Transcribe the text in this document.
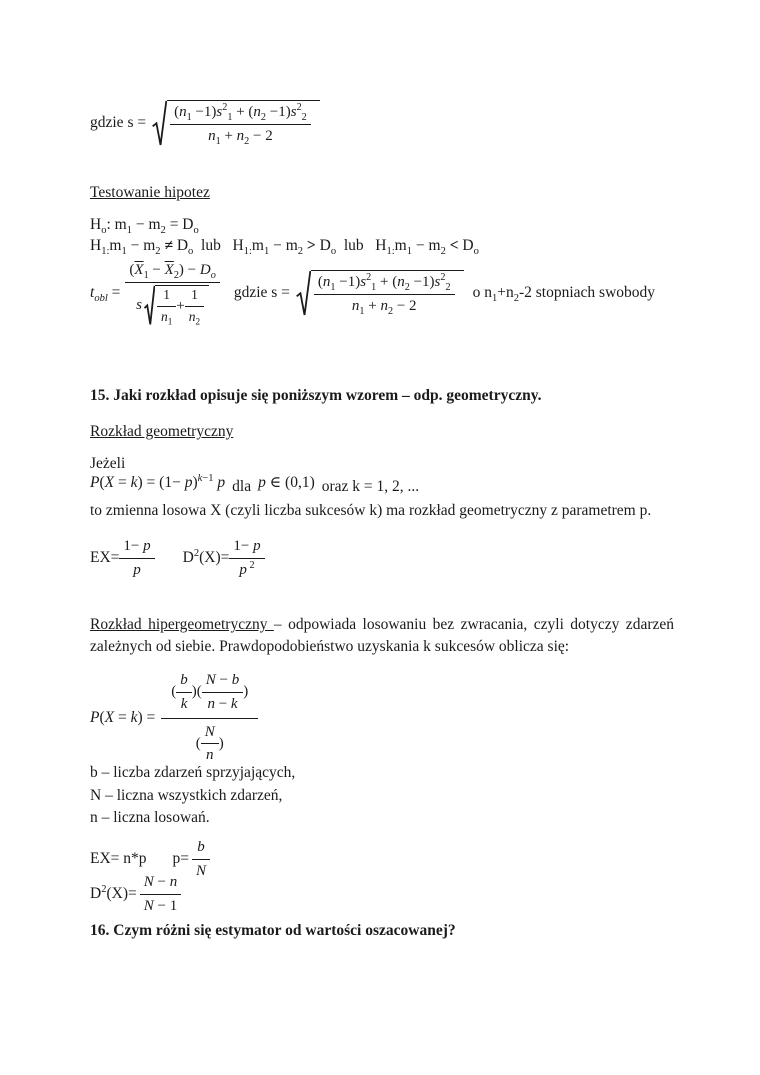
gdzie $s = \frac{(n_1 -1)s^2_1 + (n_2 -1)s^2_2}{n_1 + n_2 - 2}$
Testowanie hipotez
$H_o$: $m_1 - m_2 = D_o$
$H_{1:}m_1 - m_2 \ne D_o$  lub   $H_{1:}m_1 - m_2 > D_o$  lub   $H_{1:}m_1 - m_2 < D_o$
$t_{obl}$ =
$(\overline{X}_1 - \overline{X}_2) - D_o$
s $\frac{1}{n_1} + \frac{1}{n_2}$ gdzie $s = \frac{(n_1 -1)s^2_1 + (n_2 -1)s^2_2}{n_1 + n_2 - 2}$ o $n_1+n_2-2$ stopniach swobody
15. Jaki rozkład opisuje się poniższym wzorem – odp. geometryczny.
Rozkład geometryczny
Jeżeli
$P(X = k) = (1- p)^{k-1}$ p dla p ∈ (0,1) oraz k = 1, 2, ...
to zmienna losowa X (czyli liczba sukcesów k) ma rozkład geometryczny z parametrem p.
$EX= \frac{1- p}{p} D^2(X)= \frac{1- p}{p ^2}$
Rozkład hipergeometryczny – odpowiada losowaniu bez zwracania, czyli dotyczy zdarzeń zależnych od siebie. Prawdopodobieństwo uzyskania k sukcesów oblicza się:
$P(X = k) = \frac{( \frac{b}{k} )( \frac{N - b}{n - k} )}{( \frac{N}{n} )}$
b – liczba zdarzeń sprzyjających,
N – liczna wszystkich zdarzeń,
n – liczna losowań.
EX= n*p $p= \frac{b}{N}$
$D^2(X)= \frac{N - n}{N - 1}$
16. Czym różni się estymator od wartości oszacowanej?
